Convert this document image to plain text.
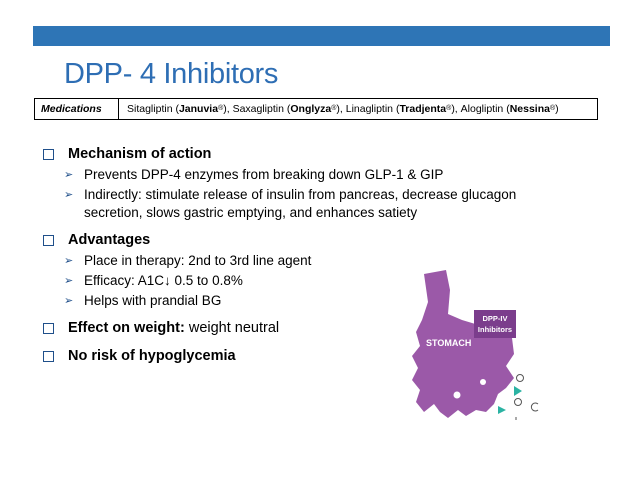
DPP- 4 Inhibitors
Medications	Sitagliptin ( Januvia ® ), Saxagliptin ( Onglyza ® ), Linagliptin ( Tradjenta ® ), Alogliptin ( Nessina ® )
Mechanism of action
➢ Prevents DPP-4 enzymes from breaking down GLP-1 & GIP
➢ Indirectly: stimulate release of insulin from pancreas, decrease glucagon
secretion, slows gastric emptying, and enhances satiety
Advantages
➢ Place in therapy: 2nd to 3rd line agent
➢ Efficacy: A1C↓ 0.5 to 0.8%
➢ Helps with prandial BG
Effect on weight: weight neutral
No risk of hypoglycemia
STOMACH
DPP-IV
Inhibitors
